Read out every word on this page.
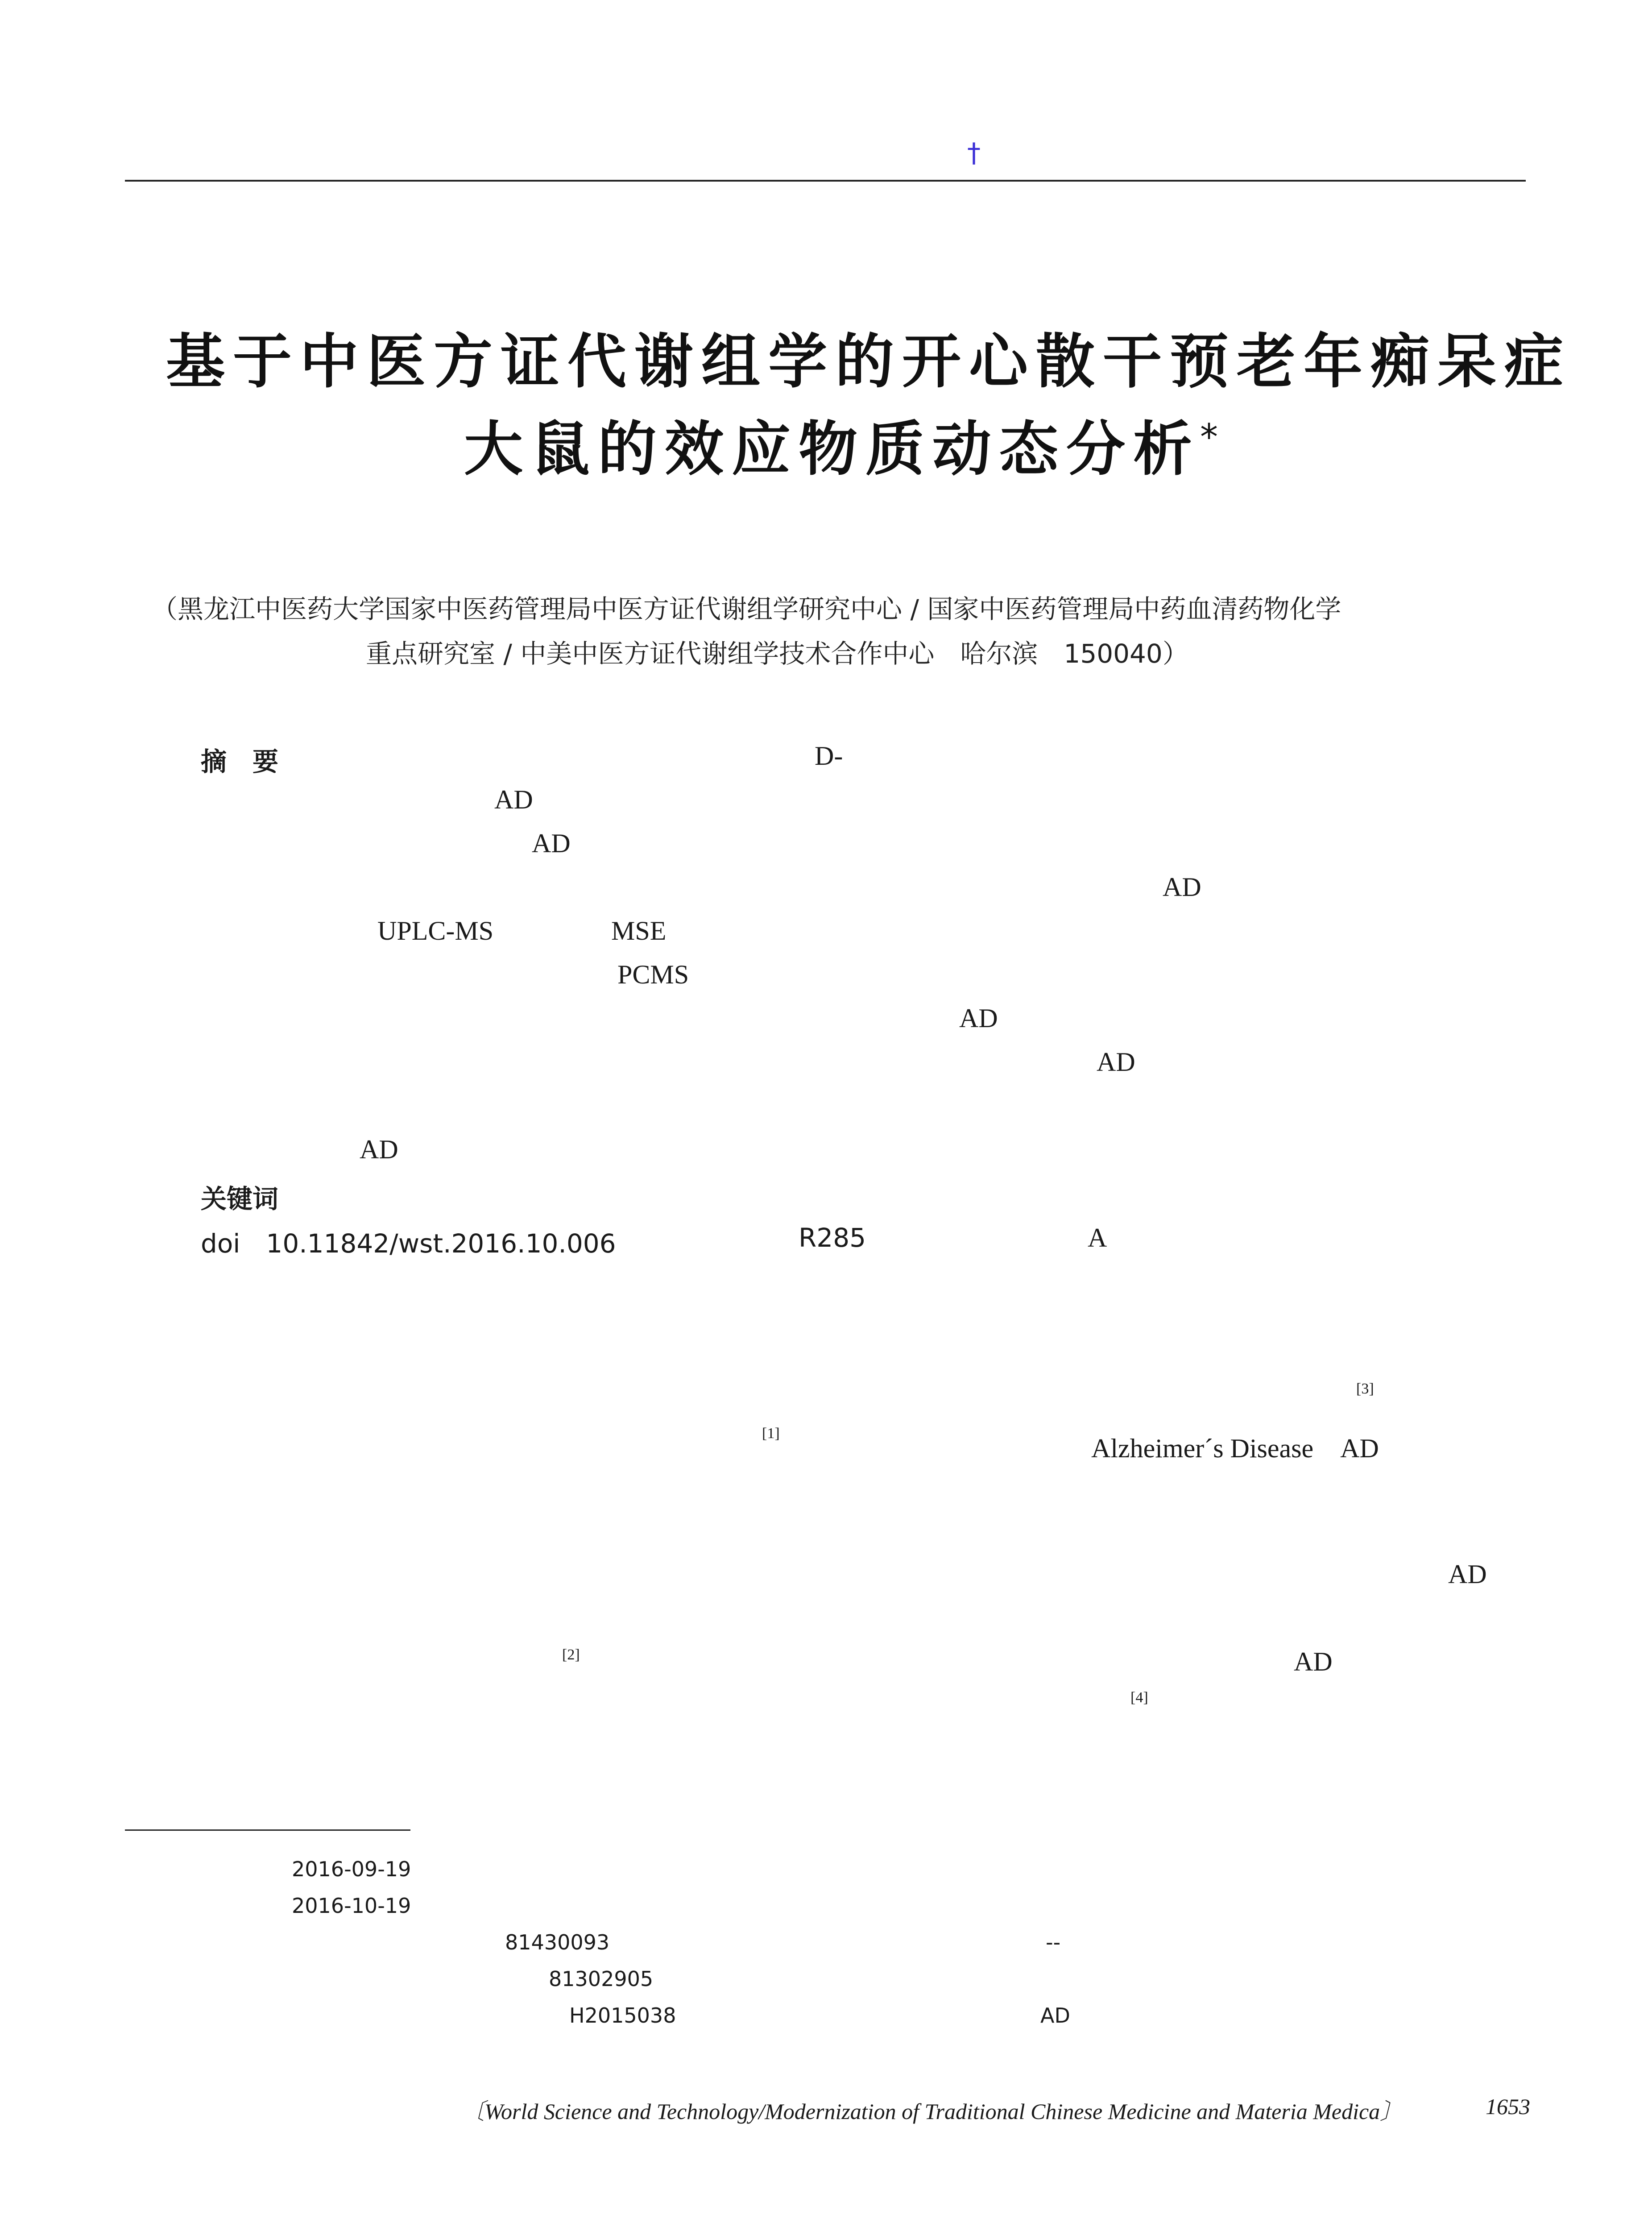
†
基于中医方证代谢组学的开心散干预老年痴呆症
大鼠的效应物质动态分析*
（黑龙江中医药大学国家中医药管理局中医方证代谢组学研究中心 / 国家中医药管理局中药血清药物化学
重点研究室 / 中美中医方证代谢组学技术合作中心　哈尔滨　150040）
摘　要	D-
AD
AD
AD
UPLC-MS	MSE
PCMS
AD
AD
AD
关键词
doi　10.11842/wst.2016.10.006	R285	A
[3]
[1]
Alzheimer´s Disease　AD
AD
[2]	AD
[4]
2016-09-19
2016-10-19
81430093	--
81302905
H2015038	AD
〔World Science and Technology/Modernization of Traditional Chinese Medicine and Materia Medica〕	1653
